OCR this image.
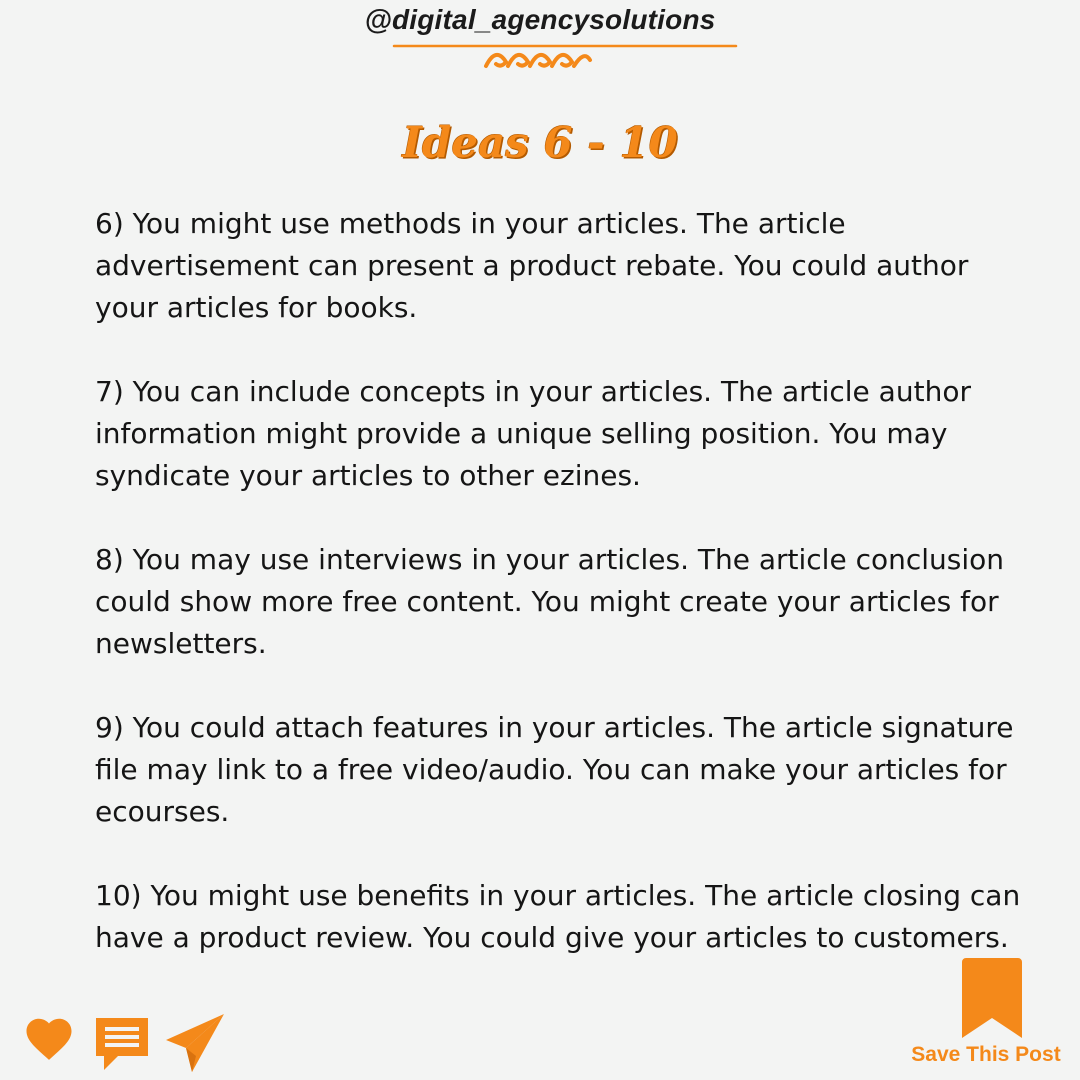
@digital_agencysolutions
Ideas 6 - 10
6) You might use methods in your articles. The article advertisement can present a product rebate. You could author your articles for books.
7) You can include concepts in your articles. The article author information might provide a unique selling position. You may syndicate your articles to other ezines.
8) You may use interviews in your articles. The article conclusion could show more free content. You might create your articles for newsletters.
9) You could attach features in your articles. The article signature file may link to a free video/audio. You can make your articles for ecourses.
10) You might use benefits in your articles. The article closing can have a product review. You could give your articles to customers.
Save This Post
